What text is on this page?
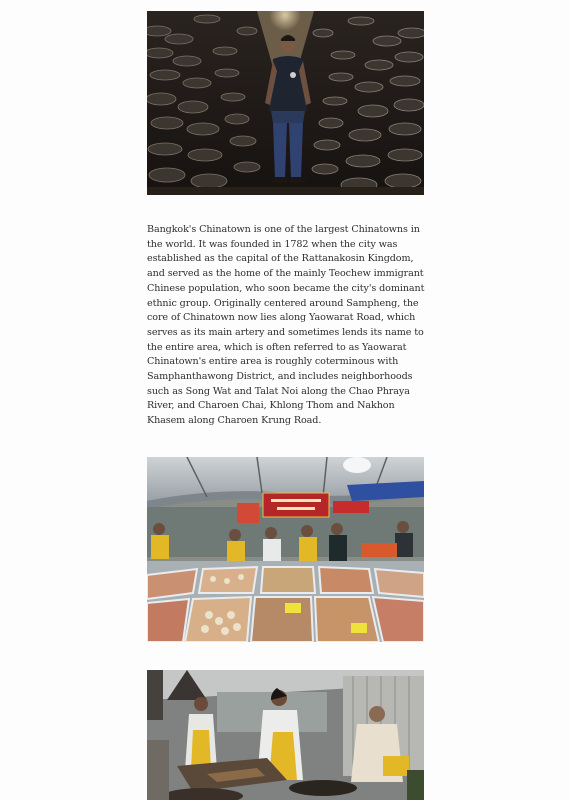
Bangkok's Chinatown is one of the largest Chinatowns in the world. It was founded in 1782 when the city was established as the capital of the Rattanakosin Kingdom, and served as the home of the mainly Teochew immigrant Chinese population, who soon became the city's dominant ethnic group. Originally centered around Sampheng, the core of Chinatown now lies along Yaowarat Road, which serves as its main artery and sometimes lends its name to the entire area, which is often referred to as Yaowarat Chinatown's entire area is roughly coterminous with Samphanthawong District, and includes neighborhoods such as Song Wat and Talat Noi along the Chao Phraya River, and Charoen Chai, Khlong Thom and Nakhon Khasem along Charoen Krung Road.
